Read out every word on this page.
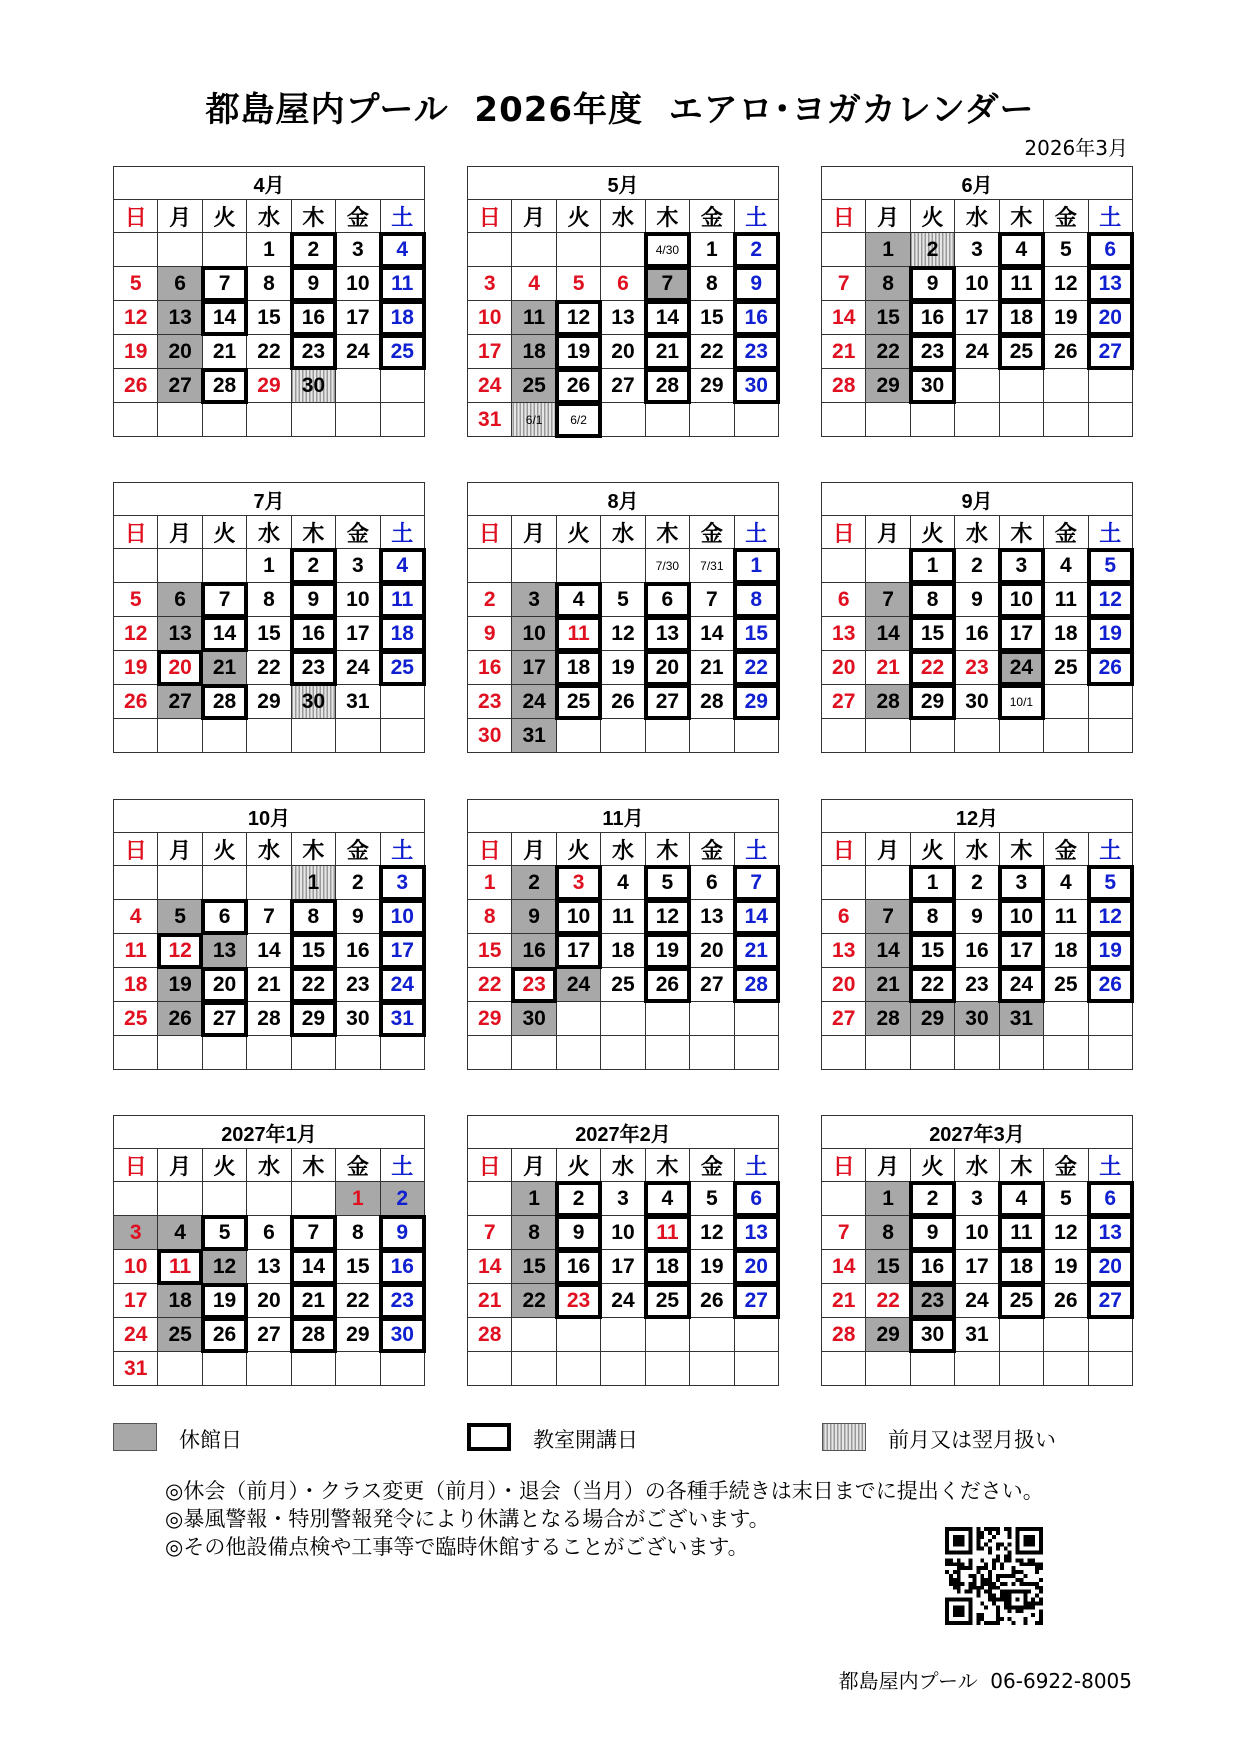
都島屋内プール  2026年度  エアロ･ヨガカレンダー
2026年3月
4月						
日	月	火	水	木	金	土
			1	2	3	4
5	6	7	8	9	10	11
12	13	14	15	16	17	18
19	20	21	22	23	24	25
26	27	28	29	30		

5月						
日	月	火	水	木	金	土
				4/30	1	2
3	4	5	6	7	8	9
10	11	12	13	14	15	16
17	18	19	20	21	22	23
24	25	26	27	28	29	30
31	6/1	6/2				
6月						
日	月	火	水	木	金	土
	1	2	3	4	5	6
7	8	9	10	11	12	13
14	15	16	17	18	19	20
21	22	23	24	25	26	27
28	29	30				

7月						
日	月	火	水	木	金	土
			1	2	3	4
5	6	7	8	9	10	11
12	13	14	15	16	17	18
19	20	21	22	23	24	25
26	27	28	29	30	31	

8月						
日	月	火	水	木	金	土
				7/30	7/31	1
2	3	4	5	6	7	8
9	10	11	12	13	14	15
16	17	18	19	20	21	22
23	24	25	26	27	28	29
30	31					
9月						
日	月	火	水	木	金	土
		1	2	3	4	5
6	7	8	9	10	11	12
13	14	15	16	17	18	19
20	21	22	23	24	25	26
27	28	29	30	10/1		

10月						
日	月	火	水	木	金	土
				1	2	3
4	5	6	7	8	9	10
11	12	13	14	15	16	17
18	19	20	21	22	23	24
25	26	27	28	29	30	31

11月						
日	月	火	水	木	金	土
1	2	3	4	5	6	7
8	9	10	11	12	13	14
15	16	17	18	19	20	21
22	23	24	25	26	27	28
29	30					

12月						
日	月	火	水	木	金	土
		1	2	3	4	5
6	7	8	9	10	11	12
13	14	15	16	17	18	19
20	21	22	23	24	25	26
27	28	29	30	31		

2027年1月						
日	月	火	水	木	金	土
					1	2
3	4	5	6	7	8	9
10	11	12	13	14	15	16
17	18	19	20	21	22	23
24	25	26	27	28	29	30
31						
2027年2月						
日	月	火	水	木	金	土
	1	2	3	4	5	6
7	8	9	10	11	12	13
14	15	16	17	18	19	20
21	22	23	24	25	26	27
28						

2027年3月						
日	月	火	水	木	金	土
	1	2	3	4	5	6
7	8	9	10	11	12	13
14	15	16	17	18	19	20
21	22	23	24	25	26	27
28	29	30	31			

休館日	教室開講日	前月又は翌月扱い
◎休会（前月）・クラス変更（前月）・退会（当月）の各種手続きは末日までに提出ください。
◎暴風警報・特別警報発令により休講となる場合がございます。
◎その他設備点検や工事等で臨時休館することがございます。
都島屋内プール  06-6922-8005
